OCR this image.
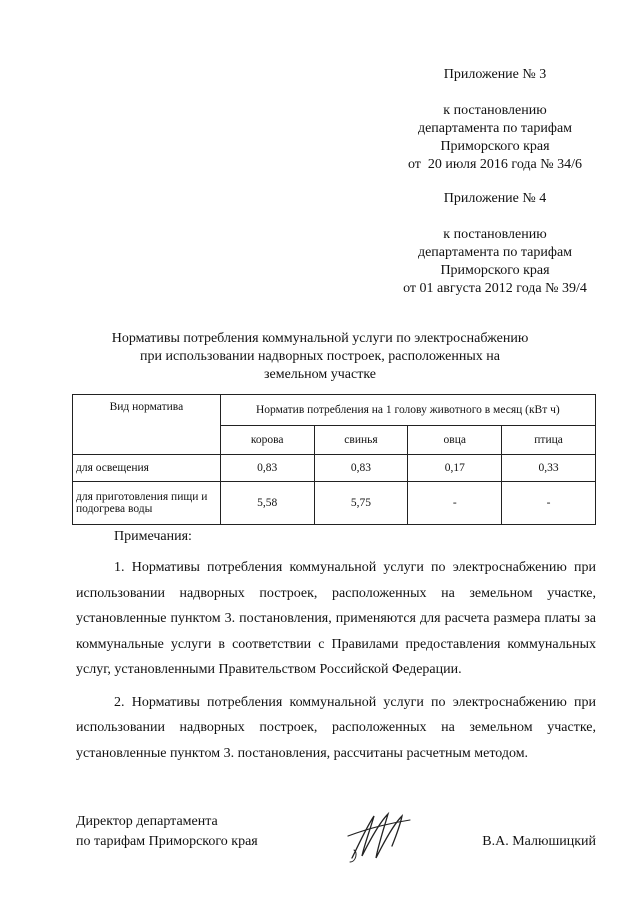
Приложение № 3
к постановлению
департамента по тарифам
Приморского края
от  20 июля 2016 года № 34/6
Приложение № 4
к постановлению
департамента по тарифам
Приморского края
от 01 августа 2012 года № 39/4
Нормативы потребления коммунальной услуги по электроснабжению
при использовании надворных построек, расположенных на
земельном участке
Вид норматива	Норматив потребления на 1 голову животного в месяц (кВт ч)			
	корова	свинья	овца	птица
для освещения	0,83	0,83	0,17	0,33
для приготовления пищи и подогрева воды	5,58	5,75	-	-
Примечания:

1. Нормативы потребления коммунальной услуги по электроснабжению при использовании надворных построек, расположенных на земельном участке, установленные пунктом 3. постановления, применяются для расчета размера платы за коммунальные услуги в соответствии с Правилами предоставления коммунальных услуг, установленными Правительством Российской Федерации.

2. Нормативы потребления коммунальной услуги по электроснабжению при использовании надворных построек, расположенных на земельном участке, установленные пунктом 3. постановления, рассчитаны расчетным методом.

Директор департамента
по тарифам Приморского края	В.А. Малюшицкий
